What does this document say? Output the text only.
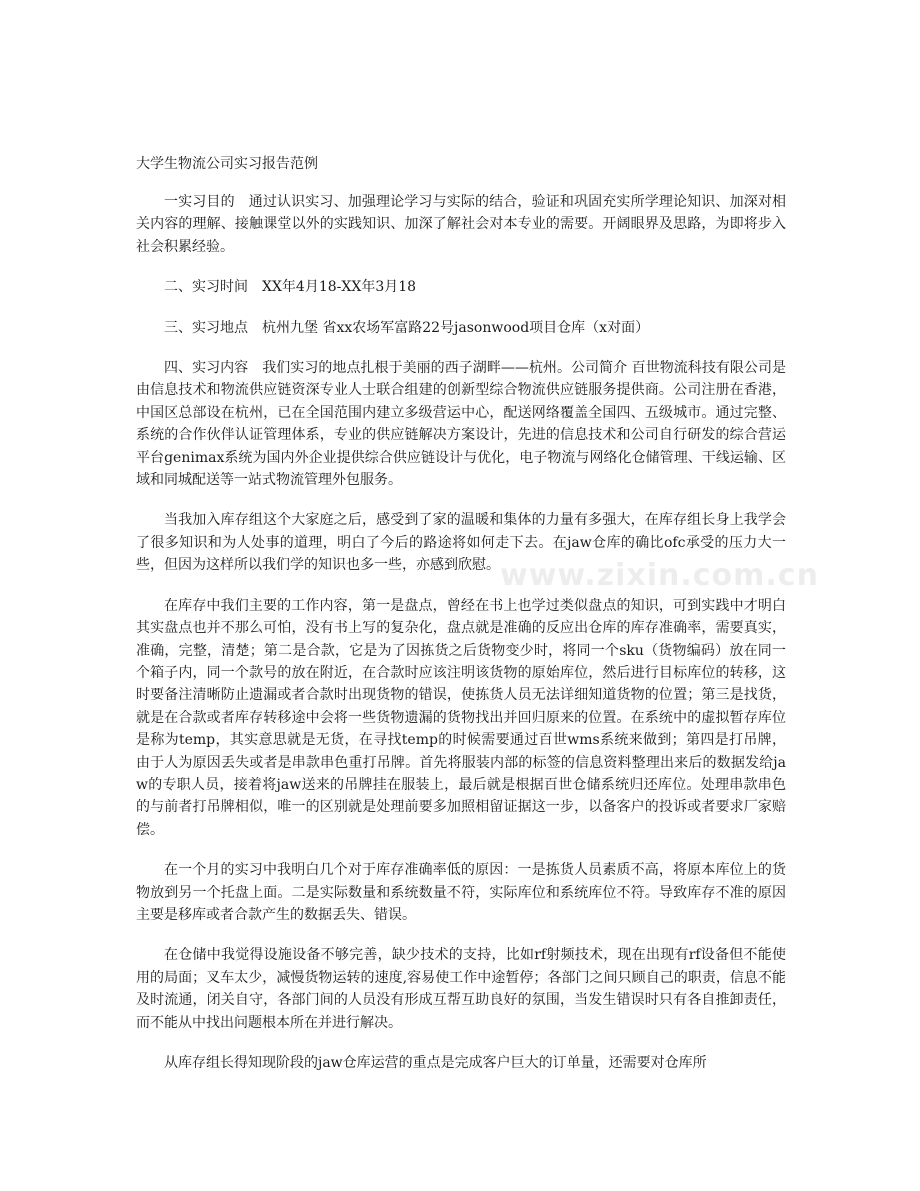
大学生物流公司实习报告范例
一实习目的 通过认识实习、加强理论学习与实际的结合，验证和巩固充实所学理论知识、加深对相关内容的理解、接触课堂以外的实践知识、加深了解社会对本专业的需要。开阔眼界及思路，为即将步入社会积累经验。
二、实习时间 XX年4月18-XX年3月18
三、实习地点 杭州九堡 省xx农场军富路22号jasonwood项目仓库（x对面）
四、实习内容 我们实习的地点扎根于美丽的西子湖畔——杭州。公司简介 百世物流科技有限公司是由信息技术和物流供应链资深专业人士联合组建的创新型综合物流供应链服务提供商。公司注册在香港，中国区总部设在杭州，已在全国范围内建立多级营运中心，配送网络覆盖全国四、五级城市。通过完整、系统的合作伙伴认证管理体系，专业的供应链解决方案设计，先进的信息技术和公司自行研发的综合营运平台genimax系统为国内外企业提供综合供应链设计与优化，电子物流与网络化仓储管理、干线运输、区域和同城配送等一站式物流管理外包服务。
当我加入库存组这个大家庭之后，感受到了家的温暖和集体的力量有多强大，在库存组长身上我学会了很多知识和为人处事的道理，明白了今后的路途将如何走下去。在jaw仓库的确比ofc承受的压力大一些，但因为这样所以我们学的知识也多一些，亦感到欣慰。
在库存中我们主要的工作内容，第一是盘点，曾经在书上也学过类似盘点的知识，可到实践中才明白其实盘点也并不那么可怕，没有书上写的复杂化，盘点就是准确的反应出仓库的库存准确率，需要真实，准确，完整，清楚；第二是合款，它是为了因拣货之后货物变少时，将同一个sku（货物编码）放在同一个箱子内，同一个款号的放在附近，在合款时应该注明该货物的原始库位，然后进行目标库位的转移，这时要备注清晰防止遗漏或者合款时出现货物的错误，使拣货人员无法详细知道货物的位置；第三是找货，就是在合款或者库存转移途中会将一些货物遗漏的货物找出并回归原来的位置。在系统中的虚拟暂存库位是称为temp，其实意思就是无货，在寻找temp的时候需要通过百世wms系统来做到；第四是打吊牌，由于人为原因丢失或者是串款串色重打吊牌。首先将服装内部的标签的信息资料整理出来后的数据发给jaw的专职人员，接着将jaw送来的吊牌挂在服装上，最后就是根据百世仓储系统归还库位。处理串款串色的与前者打吊牌相似，唯一的区别就是处理前要多加照相留证据这一步，以备客户的投诉或者要求厂家赔偿。
在一个月的实习中我明白几个对于库存准确率低的原因：一是拣货人员素质不高，将原本库位上的货物放到另一个托盘上面。二是实际数量和系统数量不符，实际库位和系统库位不符。导致库存不准的原因主要是移库或者合款产生的数据丢失、错误。
在仓储中我觉得设施设备不够完善，缺少技术的支持，比如rf射频技术，现在出现有rf设备但不能使用的局面；叉车太少，减慢货物运转的速度,容易使工作中途暂停；各部门之间只顾自己的职责，信息不能及时流通，闭关自守，各部门间的人员没有形成互帮互助良好的氛围，当发生错误时只有各自推卸责任，而不能从中找出问题根本所在并进行解决。
从库存组长得知现阶段的jaw仓库运营的重点是完成客户巨大的订单量，还需要对仓库所
www.zixin.com.cn
